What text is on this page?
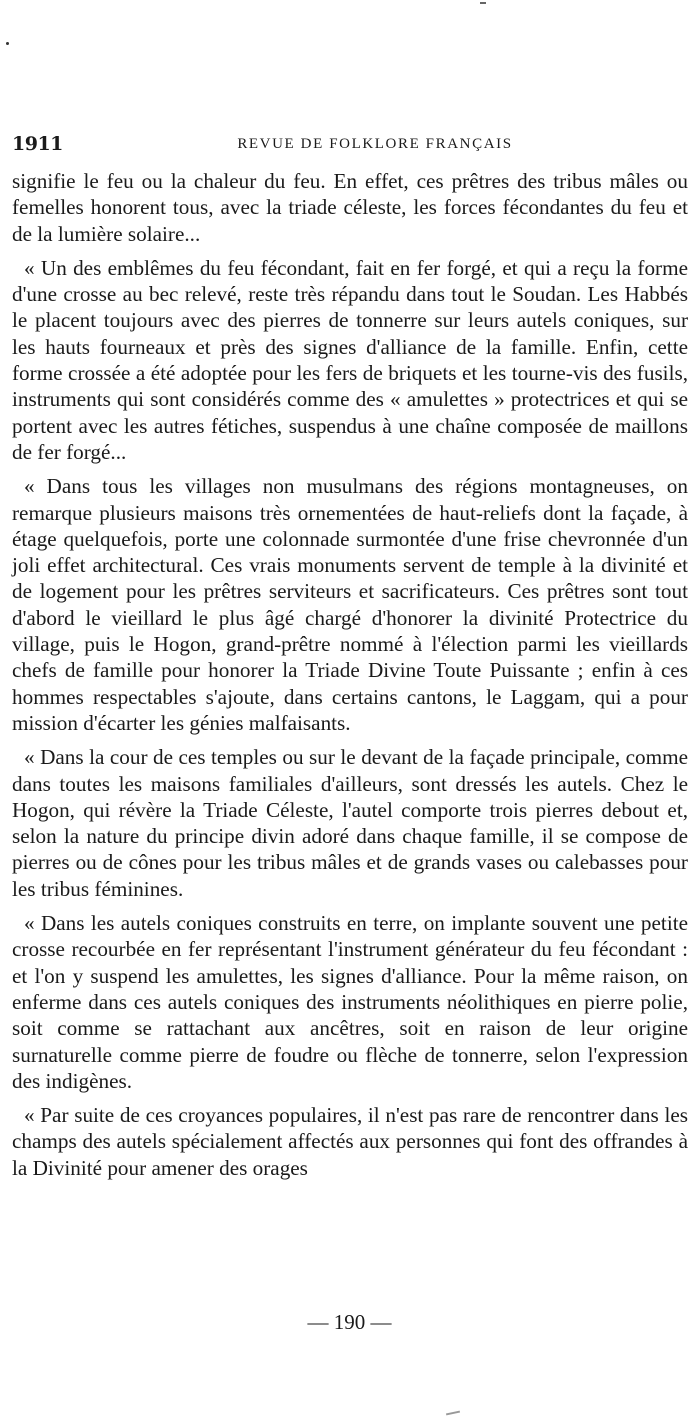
1911	REVUE DE FOLKLORE FRANÇAIS

signifie le feu ou la chaleur du feu. En effet, ces prêtres des tribus mâles ou femelles honorent tous, avec la triade céleste, les forces fécondantes du feu et de la lumière solaire...

« Un des emblêmes du feu fécondant, fait en fer forgé, et qui a reçu la forme d'une crosse au bec relevé, reste très répandu dans tout le Soudan. Les Habbés le placent toujours avec des pierres de tonnerre sur leurs autels coniques, sur les hauts fourneaux et près des signes d'alliance de la famille. Enfin, cette forme crossée a été adoptée pour les fers de briquets et les tourne-vis des fusils, instruments qui sont considérés comme des « amulettes » protectrices et qui se portent avec les autres fétiches, suspendus à une chaîne composée de maillons de fer forgé...

« Dans tous les villages non musulmans des régions montagneuses, on remarque plusieurs maisons très ornementées de haut-reliefs dont la façade, à étage quelquefois, porte une colonnade surmontée d'une frise chevronnée d'un joli effet architectural. Ces vrais monuments servent de temple à la divinité et de logement pour les prêtres serviteurs et sacrificateurs. Ces prêtres sont tout d'abord le vieillard le plus âgé chargé d'honorer la divinité Protectrice du village, puis le Hogon, grand-prêtre nommé à l'élection parmi les vieillards chefs de famille pour honorer la Triade Divine Toute Puissante ; enfin à ces hommes respectables s'ajoute, dans certains cantons, le Laggam, qui a pour mission d'écarter les génies malfaisants.

« Dans la cour de ces temples ou sur le devant de la façade principale, comme dans toutes les maisons familiales d'ailleurs, sont dressés les autels. Chez le Hogon, qui révère la Triade Céleste, l'autel comporte trois pierres debout et, selon la nature du principe divin adoré dans chaque famille, il se compose de pierres ou de cônes pour les tribus mâles et de grands vases ou calebasses pour les tribus féminines.

« Dans les autels coniques construits en terre, on implante souvent une petite crosse recourbée en fer représentant l'instrument générateur du feu fécondant : et l'on y suspend les amulettes, les signes d'alliance. Pour la même raison, on enferme dans ces autels coniques des instruments néolithiques en pierre polie, soit comme se rattachant aux ancêtres, soit en raison de leur origine surnaturelle comme pierre de foudre ou flèche de tonnerre, selon l'expression des indigènes.

« Par suite de ces croyances populaires, il n'est pas rare de rencontrer dans les champs des autels spécialement affectés aux personnes qui font des offrandes à la Divinité pour amener des orages

— 190 —
